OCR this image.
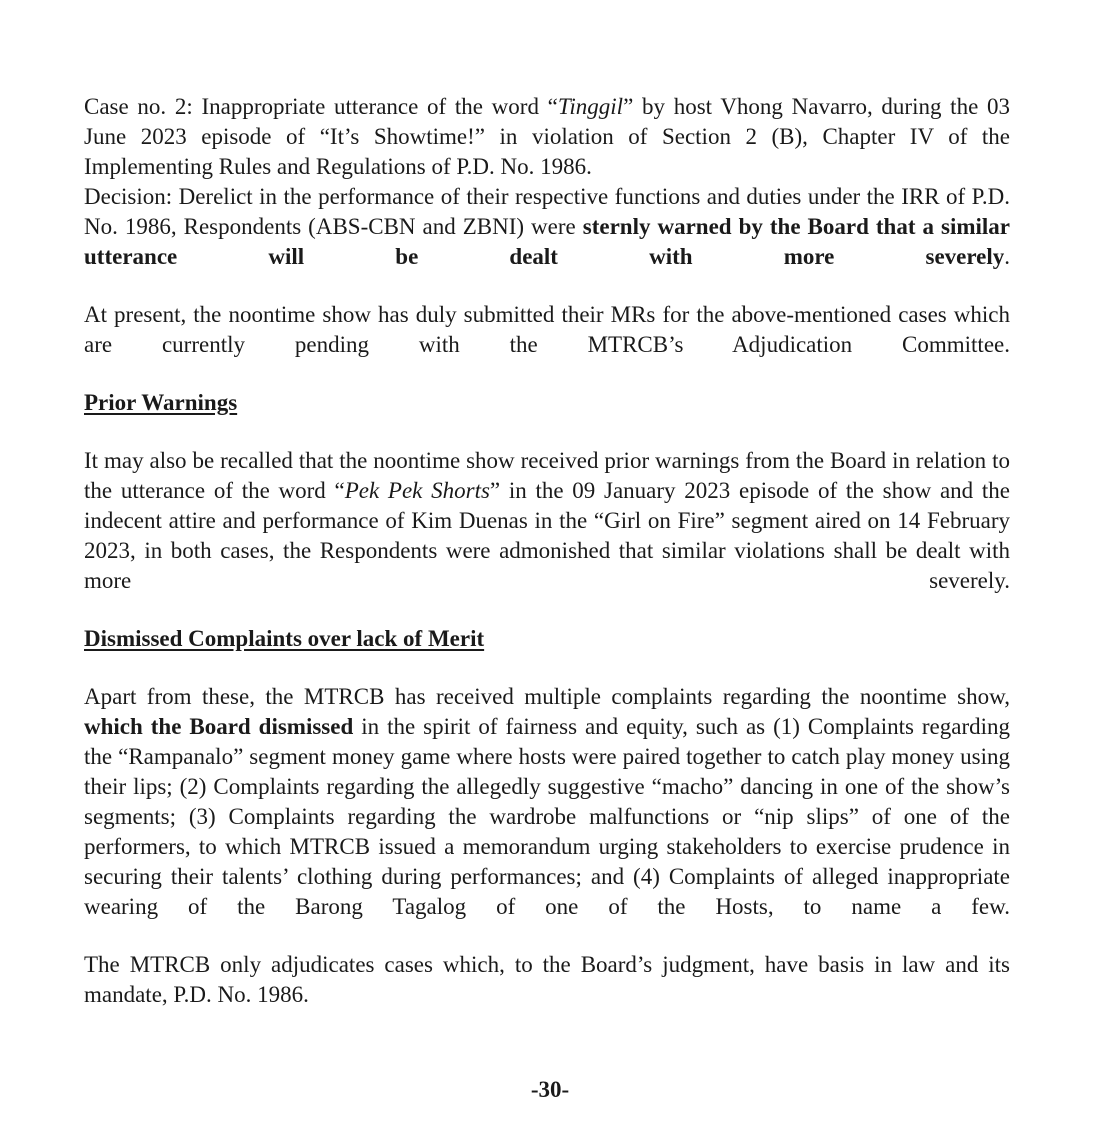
Case no. 2: Inappropriate utterance of the word “Tinggil” by host Vhong Navarro, during the 03 June 2023 episode of “It’s Showtime!” in violation of Section 2 (B), Chapter IV of the Implementing Rules and Regulations of P.D. No. 1986.

Decision: Derelict in the performance of their respective functions and duties under the IRR of P.D. No. 1986, Respondents (ABS-CBN and ZBNI) were sternly warned by the Board that a similar utterance will be dealt with more severely.

At present, the noontime show has duly submitted their MRs for the above-mentioned cases which are currently pending with the MTRCB’s Adjudication Committee.

Prior Warnings

It may also be recalled that the noontime show received prior warnings from the Board in relation to the utterance of the word “Pek Pek Shorts” in the 09 January 2023 episode of the show and the indecent attire and performance of Kim Duenas in the “Girl on Fire” segment aired on 14 February 2023, in both cases, the Respondents were admonished that similar violations shall be dealt with more severely.

Dismissed Complaints over lack of Merit

Apart from these, the MTRCB has received multiple complaints regarding the noontime show, which the Board dismissed in the spirit of fairness and equity, such as (1) Complaints regarding the “Rampanalo” segment money game where hosts were paired together to catch play money using their lips; (2) Complaints regarding the allegedly suggestive “macho” dancing in one of the show’s segments; (3) Complaints regarding the wardrobe malfunctions or “nip slips” of one of the performers, to which MTRCB issued a memorandum urging stakeholders to exercise prudence in securing their talents’ clothing during performances; and (4) Complaints of alleged inappropriate wearing of the Barong Tagalog of one of the Hosts, to name a few.

The MTRCB only adjudicates cases which, to the Board’s judgment, have basis in law and its mandate, P.D. No. 1986.

-30-
